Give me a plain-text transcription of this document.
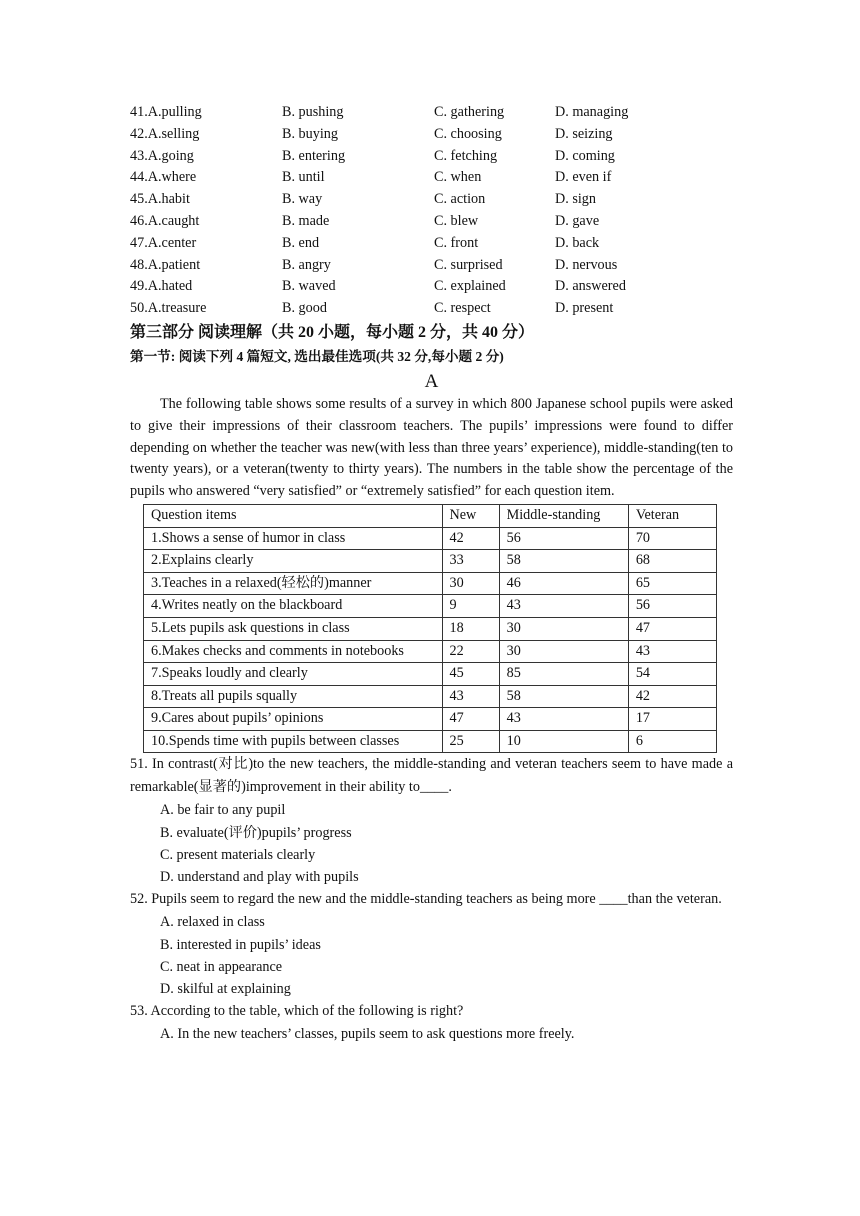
41.A.pulling	B. pushing	C. gathering	D. managing
42.A.selling	B. buying	C. choosing	D. seizing
43.A.going	B. entering	C. fetching	D. coming
44.A.where	B. until	C. when	D. even if
45.A.habit	B. way	C. action	D. sign
46.A.caught	B. made	C. blew	D. gave
47.A.center	B. end	C. front	D. back
48.A.patient	B. angry	C. surprised	D. nervous
49.A.hated	B. waved	C. explained	D. answered
50.A.treasure	B. good	C. respect	D. present
第三部分 阅读理解（共 20 小题，每小题 2 分，共 40 分）
第一节: 阅读下列 4 篇短文, 选出最佳选项(共 32 分,每小题 2 分)
A

The following table shows some results of a survey in which 800 Japanese school pupils were asked to give their impressions of their classroom teachers. The pupils’ impressions were found to differ depending on whether the teacher was new(with less than three years’ experience), middle-standing(ten to twenty years), or a veteran(twenty to thirty years). The numbers in the table show the percentage of the pupils who answered “very satisfied” or “extremely satisfied” for each question item.

Question items	New	Middle-standing	Veteran
1.Shows a sense of humor in class	42	56	70
2.Explains clearly	33	58	68
3.Teaches in a relaxed(轻松的)manner	30	46	65
4.Writes neatly on the blackboard	9	43	56
5.Lets pupils ask questions in class	18	30	47
6.Makes checks and comments in notebooks	22	30	43
7.Speaks loudly and clearly	45	85	54
8.Treats all pupils squally	43	58	42
9.Cares about pupils’ opinions	47	43	17
10.Spends time with pupils between classes	25	10	6

51. In contrast(对比)to the new teachers, the middle-standing and veteran teachers seem to have made a remarkable(显著的)improvement in their ability to____.

A. be fair to any pupil
B. evaluate(评价)pupils’ progress
C. present materials clearly
D. understand and play with pupils

52. Pupils seem to regard the new and the middle-standing teachers as being more ____than the veteran.

A. relaxed in class
B. interested in pupils’ ideas
C. neat in appearance
D. skilful at explaining

53. According to the table, which of the following is right?

A. In the new teachers’ classes, pupils seem to ask questions more freely.
